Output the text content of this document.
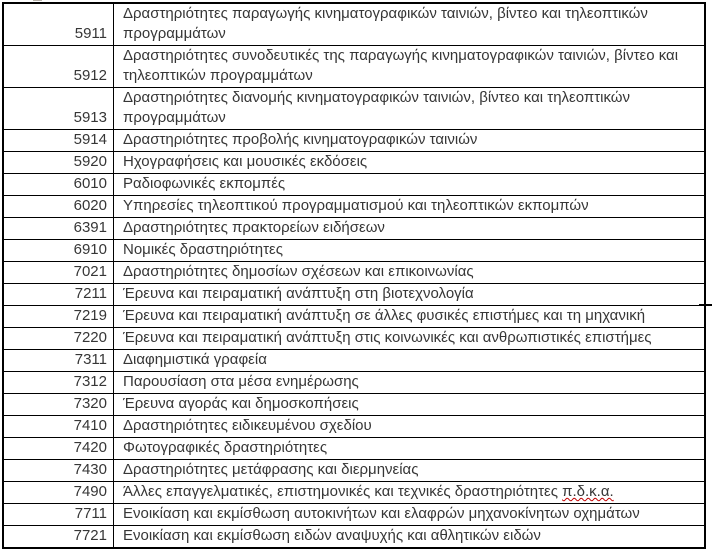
5911	Δραστηριότητες παραγωγής κινηματογραφικών ταινιών, βίντεο και τηλεοπτικών προγραμμάτων
5912	Δραστηριότητες συνοδευτικές της παραγωγής κινηματογραφικών ταινιών, βίντεο και τηλεοπτικών προγραμμάτων
5913	Δραστηριότητες διανομής κινηματογραφικών ταινιών, βίντεο και τηλεοπτικών προγραμμάτων
5914	Δραστηριότητες προβολής κινηματογραφικών ταινιών
5920	Ηχογραφήσεις και μουσικές εκδόσεις
6010	Ραδιοφωνικές εκπομπές
6020	Υπηρεσίες τηλεοπτικού προγραμματισμού και τηλεοπτικών εκπομπών
6391	Δραστηριότητες πρακτορείων ειδήσεων
6910	Νομικές δραστηριότητες
7021	Δραστηριότητες δημοσίων σχέσεων και επικοινωνίας
7211	Έρευνα και πειραματική ανάπτυξη στη βιοτεχνολογία
7219	Έρευνα και πειραματική ανάπτυξη σε άλλες φυσικές επιστήμες και τη μηχανική
7220	Έρευνα και πειραματική ανάπτυξη στις κοινωνικές και ανθρωπιστικές επιστήμες
7311	Διαφημιστικά γραφεία
7312	Παρουσίαση στα μέσα ενημέρωσης
7320	Έρευνα αγοράς και δημοσκοπήσεις
7410	Δραστηριότητες ειδικευμένου σχεδίου
7420	Φωτογραφικές δραστηριότητες
7430	Δραστηριότητες μετάφρασης και διερμηνείας
7490	Άλλες επαγγελματικές, επιστημονικές και τεχνικές δραστηριότητες π.δ.κ.α.
7711	Ενοικίαση και εκμίσθωση αυτοκινήτων και ελαφρών μηχανοκίνητων οχημάτων
7721	Ενοικίαση και εκμίσθωση ειδών αναψυχής και αθλητικών ειδών
